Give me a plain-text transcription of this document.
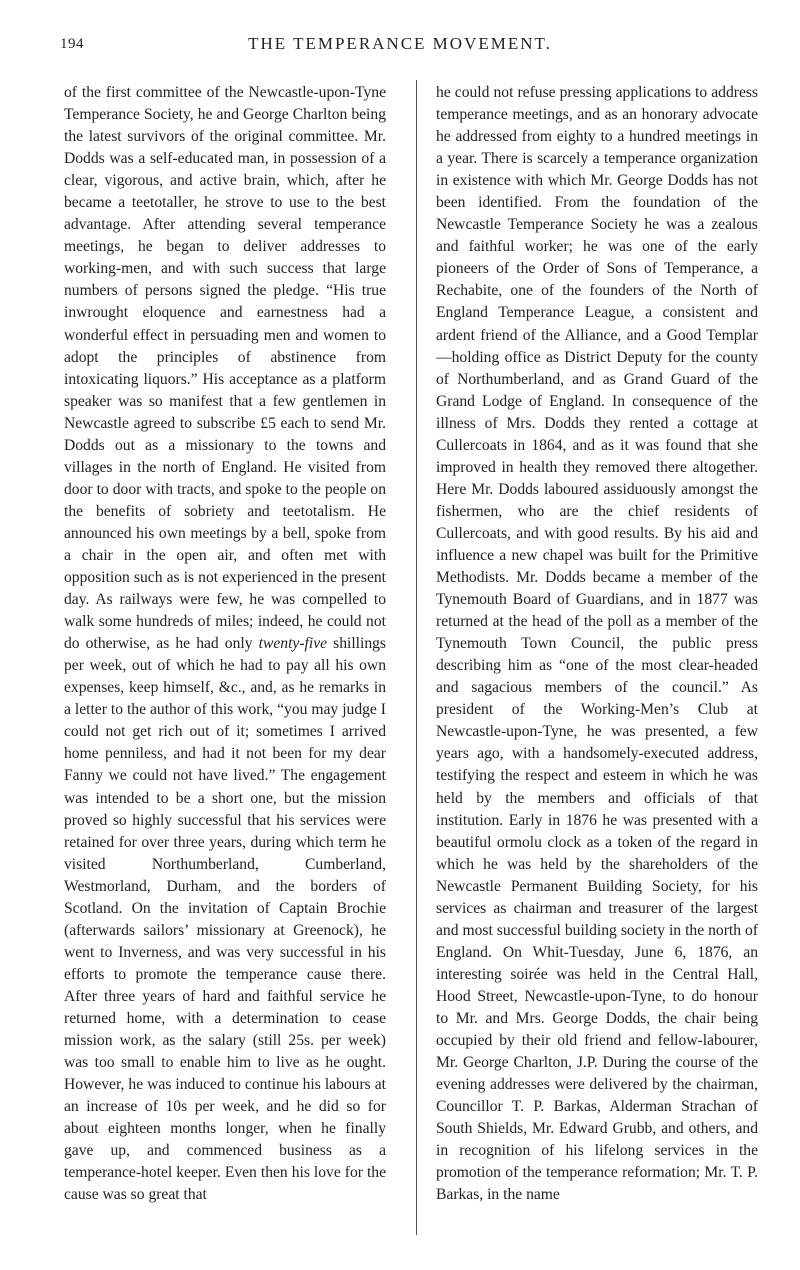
194	THE TEMPERANCE MOVEMENT.

of the first committee of the Newcastle-upon-Tyne Temperance Society, he and George Charlton being the latest survivors of the original committee. Mr. Dodds was a self-educated man, in possession of a clear, vigorous, and active brain, which, after he became a teetotaller, he strove to use to the best advantage. After attending several temperance meetings, he began to deliver addresses to working-men, and with such success that large numbers of persons signed the pledge. “His true inwrought eloquence and earnestness had a wonderful effect in persuading men and women to adopt the principles of abstinence from intoxicating liquors.” His acceptance as a platform speaker was so manifest that a few gentlemen in Newcastle agreed to subscribe £5 each to send Mr. Dodds out as a missionary to the towns and villages in the north of England. He visited from door to door with tracts, and spoke to the people on the benefits of sobriety and teetotalism. He announced his own meetings by a bell, spoke from a chair in the open air, and often met with opposition such as is not experienced in the present day. As railways were few, he was compelled to walk some hundreds of miles; indeed, he could not do otherwise, as he had only twenty-five shillings per week, out of which he had to pay all his own expenses, keep himself, &c., and, as he remarks in a letter to the author of this work, “you may judge I could not get rich out of it; sometimes I arrived home penniless, and had it not been for my dear Fanny we could not have lived.” The engagement was intended to be a short one, but the mission proved so highly successful that his services were retained for over three years, during which term he visited Northumberland, Cumberland, Westmorland, Durham, and the borders of Scotland. On the invitation of Captain Brochie (afterwards sailors’ missionary at Greenock), he went to Inverness, and was very successful in his efforts to promote the temperance cause there. After three years of hard and faithful service he returned home, with a determination to cease mission work, as the salary (still 25s. per week) was too small to enable him to live as he ought. However, he was induced to continue his labours at an increase of 10s per week, and he did so for about eighteen months longer, when he finally gave up, and commenced business as a temperance-hotel keeper. Even then his love for the cause was so great that

he could not refuse pressing applications to address temperance meetings, and as an honorary advocate he addressed from eighty to a hundred meetings in a year. There is scarcely a temperance organization in existence with which Mr. George Dodds has not been identified. From the foundation of the Newcastle Temperance Society he was a zealous and faithful worker; he was one of the early pioneers of the Order of Sons of Temperance, a Rechabite, one of the founders of the North of England Temperance League, a consistent and ardent friend of the Alliance, and a Good Templar—holding office as District Deputy for the county of Northumberland, and as Grand Guard of the Grand Lodge of England. In consequence of the illness of Mrs. Dodds they rented a cottage at Cullercoats in 1864, and as it was found that she improved in health they removed there altogether. Here Mr. Dodds laboured assiduously amongst the fishermen, who are the chief residents of Cullercoats, and with good results. By his aid and influence a new chapel was built for the Primitive Methodists. Mr. Dodds became a member of the Tynemouth Board of Guardians, and in 1877 was returned at the head of the poll as a member of the Tynemouth Town Council, the public press describing him as “one of the most clear-headed and sagacious members of the council.” As president of the Working-Men’s Club at Newcastle-upon-Tyne, he was presented, a few years ago, with a handsomely-executed address, testifying the respect and esteem in which he was held by the members and officials of that institution. Early in 1876 he was presented with a beautiful ormolu clock as a token of the regard in which he was held by the shareholders of the Newcastle Permanent Building Society, for his services as chairman and treasurer of the largest and most successful building society in the north of England. On Whit-Tuesday, June 6, 1876, an interesting soirée was held in the Central Hall, Hood Street, Newcastle-upon-Tyne, to do honour to Mr. and Mrs. George Dodds, the chair being occupied by their old friend and fellow-labourer, Mr. George Charlton, J.P. During the course of the evening addresses were delivered by the chairman, Councillor T. P. Barkas, Alderman Strachan of South Shields, Mr. Edward Grubb, and others, and in recognition of his lifelong services in the promotion of the temperance reformation; Mr. T. P. Barkas, in the name
